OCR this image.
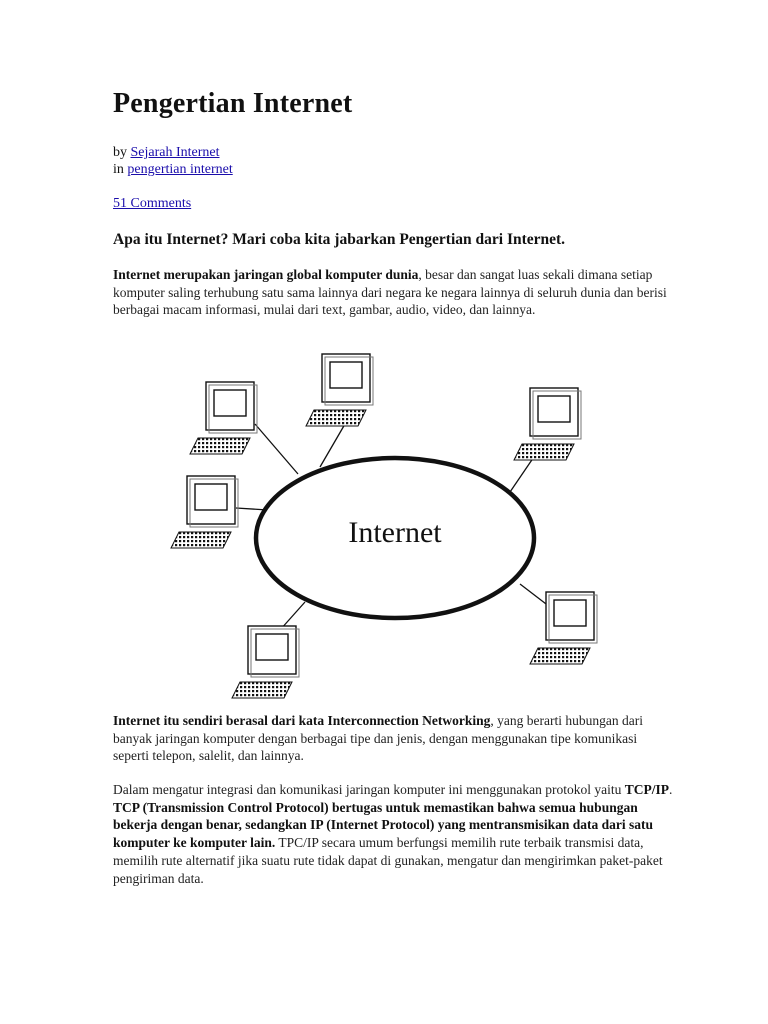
Pengertian Internet
by Sejarah Internet
in pengertian internet
51 Comments

Apa itu Internet? Mari coba kita jabarkan Pengertian dari Internet.

Internet merupakan jaringan global komputer dunia, besar dan sangat luas sekali dimana setiap komputer saling terhubung satu sama lainnya dari negara ke negara lainnya di seluruh dunia dan berisi berbagai macam informasi, mulai dari text, gambar, audio, video, dan lainnya.

Internet

Internet itu sendiri berasal dari kata Interconnection Networking, yang berarti hubungan dari banyak jaringan komputer dengan berbagai tipe dan jenis, dengan menggunakan tipe komunikasi seperti telepon, salelit, dan lainnya.

Dalam mengatur integrasi dan komunikasi jaringan komputer ini menggunakan protokol yaitu TCP/IP. TCP (Transmission Control Protocol) bertugas untuk memastikan bahwa semua hubungan bekerja dengan benar, sedangkan IP (Internet Protocol) yang mentransmisikan data dari satu komputer ke komputer lain. TPC/IP secara umum berfungsi memilih rute terbaik transmisi data, memilih rute alternatif jika suatu rute tidak dapat di gunakan, mengatur dan mengirimkan paket-paket pengiriman data.
